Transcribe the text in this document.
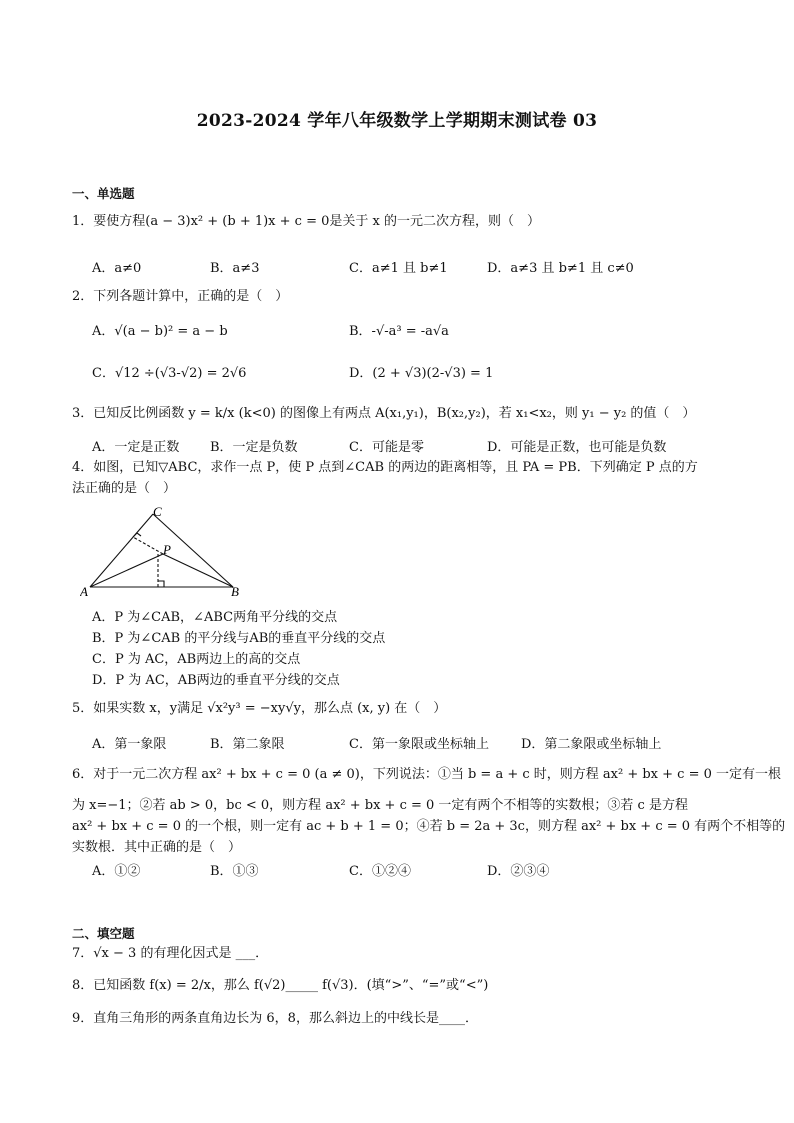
2023-2024 学年八年级数学上学期期末测试卷 03
一、单选题
1．要使方程(a − 3)x² + (b + 1)x + c = 0是关于 x 的一元二次方程，则（　）
A．a≠0	B．a≠3	C．a≠1 且 b≠1	D．a≠3 且 b≠1 且 c≠0
2．下列各题计算中，正确的是（　）
A．√(a − b)² = a − b	B．-√-a³ = -a√a
C．√12 ÷(√3-√2) = 2√6	D．(2 + √3)(2-√3) = 1
3．已知反比例函数 y = k/x (k<0) 的图像上有两点 A(x₁,y₁)，B(x₂,y₂)，若 x₁<x₂，则 y₁ − y₂ 的值（　）
A．一定是正数 B．一定是负数	C．可能是零	D．可能是正数，也可能是负数
4．如图，已知▽ABC，求作一点 P，使 P 点到∠CAB 的两边的距离相等，且 PA = PB．下列确定 P 点的方
法正确的是（　）
A	B
C
P
A．P 为∠CAB，∠ABC两角平分线的交点
B．P 为∠CAB 的平分线与AB的垂直平分线的交点
C．P 为 AC，AB两边上的高的交点
D．P 为 AC，AB两边的垂直平分线的交点
5．如果实数 x，y满足 √x²y³ = −xy√y，那么点 (x, y) 在（　）
A．第一象限	B．第二象限	C．第一象限或坐标轴上 D．第二象限或坐标轴上
6．对于一元二次方程 ax² + bx + c = 0 (a ≠ 0)，下列说法：①当 b = a + c 时，则方程 ax² + bx + c = 0 一定有一根
为 x=−1；②若 ab > 0，bc < 0，则方程 ax² + bx + c = 0 一定有两个不相等的实数根；③若 c 是方程
ax² + bx + c = 0 的一个根，则一定有 ac + b + 1 = 0；④若 b = 2a + 3c，则方程 ax² + bx + c = 0 有两个不相等的
实数根．其中正确的是（　）
A．①②	B．①③	C．①②④	D．②③④
二、填空题
7．√x − 3 的有理化因式是 ___．
8．已知函数 f(x) = 2/x，那么 f(√2)_____ f(√3)．(填“>”、“=”或“<”)
9．直角三角形的两条直角边长为 6，8，那么斜边上的中线长是____．
